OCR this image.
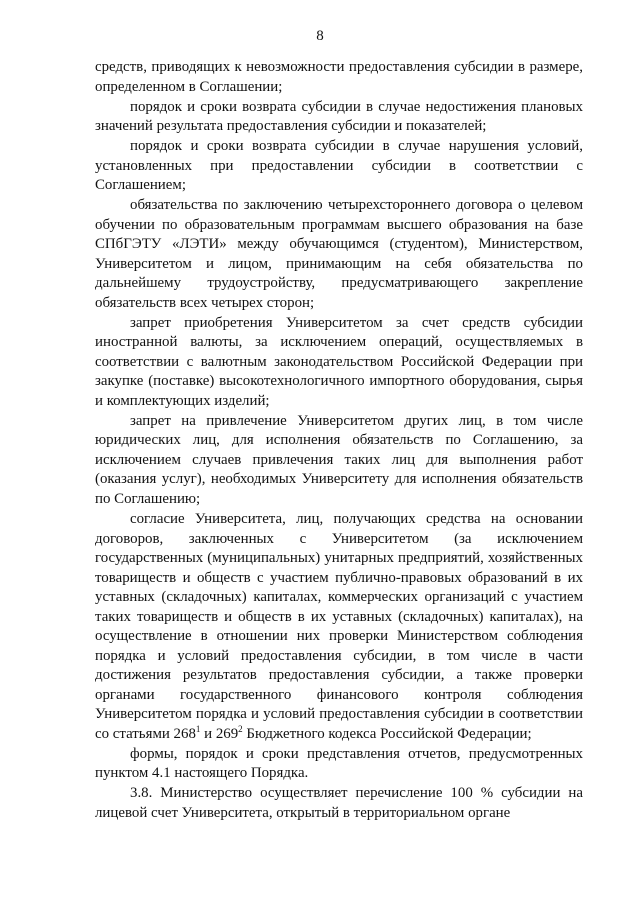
8

средств, приводящих к невозможности предоставления субсидии в размере, определенном в Соглашении;

порядок и сроки возврата субсидии в случае недостижения плановых значений результата предоставления субсидии и показателей;

порядок и сроки возврата субсидии в случае нарушения условий, установленных при предоставлении субсидии в соответствии с Соглашением;

обязательства по заключению четырехстороннего договора о целевом обучении по образовательным программам высшего образования на базе СПбГЭТУ «ЛЭТИ» между обучающимся (студентом), Министерством, Университетом и лицом, принимающим на себя обязательства по дальнейшему трудоустройству, предусматривающего закрепление обязательств всех четырех сторон;

запрет приобретения Университетом за счет средств субсидии иностранной валюты, за исключением операций, осуществляемых в соответствии с валютным законодательством Российской Федерации при закупке (поставке) высокотехнологичного импортного оборудования, сырья и комплектующих изделий;

запрет на привлечение Университетом других лиц, в том числе юридических лиц, для исполнения обязательств по Соглашению, за исключением случаев привлечения таких лиц для выполнения работ (оказания услуг), необходимых Университету для исполнения обязательств по Соглашению;

согласие Университета, лиц, получающих средства на основании договоров, заключенных с Университетом (за исключением государственных (муниципальных) унитарных предприятий, хозяйственных товариществ и обществ с участием публично-правовых образований в их уставных (складочных) капиталах, коммерческих организаций с участием таких товариществ и обществ в их уставных (складочных) капиталах), на осуществление в отношении них проверки Министерством соблюдения порядка и условий предоставления субсидии, в том числе в части достижения результатов предоставления субсидии, а также проверки органами государственного финансового контроля соблюдения Университетом порядка и условий предоставления субсидии в соответствии со статьями $268^1$ и $269^2$ Бюджетного кодекса Российской Федерации;

формы, порядок и сроки представления отчетов, предусмотренных пунктом 4.1 настоящего Порядка.

3.8. Министерство осуществляет перечисление 100 % субсидии на лицевой счет Университета, открытый в территориальном органе
